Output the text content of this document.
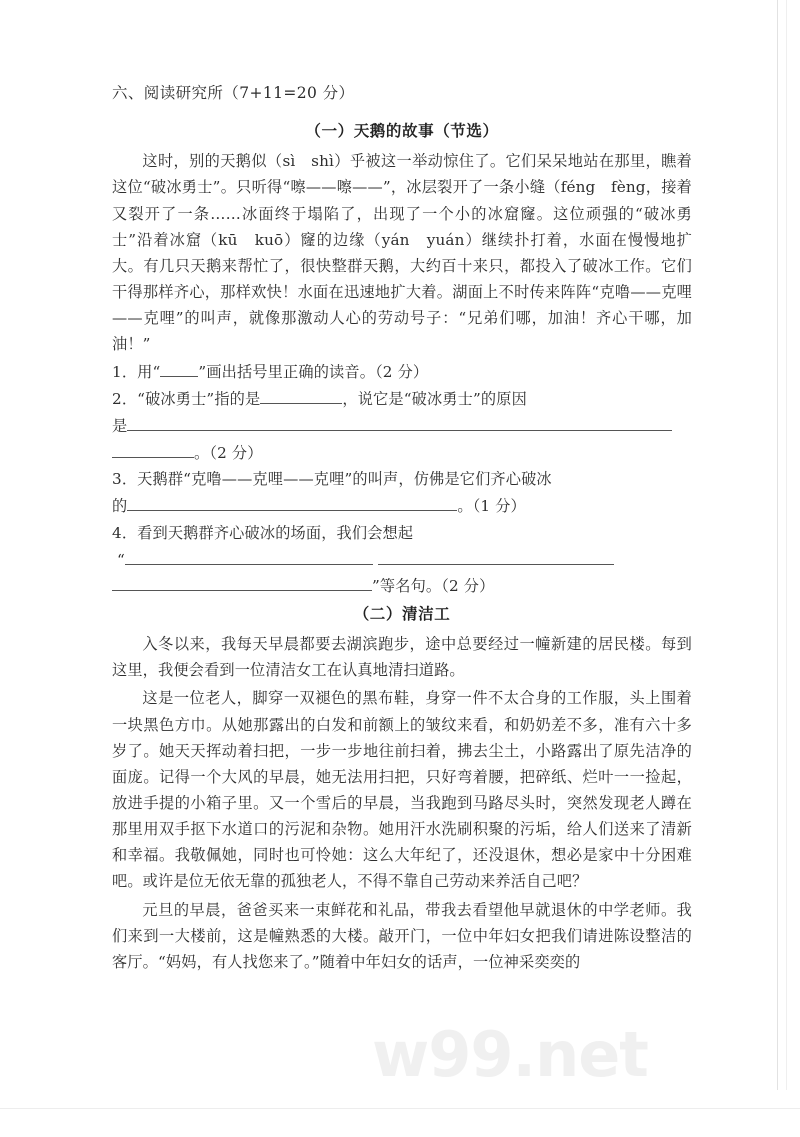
w99.net

六、阅读研究所（7+11=20 分）

（一）天鹅的故事（节选）

这时，别的天鹅似（sì　shì）乎被这一举动惊住了。它们呆呆地站在那里，瞧着这位“破冰勇士”。只听得“嚓——嚓——”，冰层裂开了一条小缝（féng　fèng，接着又裂开了一条……冰面终于塌陷了，出现了一个小的冰窟窿。这位顽强的“破冰勇士”沿着冰窟（kū　kuō）窿的边缘（yán　yuán）继续扑打着，水面在慢慢地扩大。有几只天鹅来帮忙了，很快整群天鹅，大约百十来只，都投入了破冰工作。它们干得那样齐心，那样欢快！水面在迅速地扩大着。湖面上不时传来阵阵“克噜——克哩——克哩”的叫声，就像那激动人心的劳动号子：“兄弟们哪，加油！齐心干哪，加油！”

1．用“	”画出括号里正确的读音。（2 分）

2．“破冰勇士”指的是	，说它是“破冰勇士”的原因

是

。（2 分）

3．天鹅群“克噜——克哩——克哩”的叫声，仿佛是它们齐心破冰

的	。（1 分）

4．看到天鹅群齐心破冰的场面，我们会想起

“

”等名句。（2 分）

（二）清洁工

入冬以来，我每天早晨都要去湖滨跑步，途中总要经过一幢新建的居民楼。每到这里，我便会看到一位清洁女工在认真地清扫道路。

这是一位老人，脚穿一双褪色的黑布鞋，身穿一件不太合身的工作服，头上围着一块黑色方巾。从她那露出的白发和前额上的皱纹来看，和奶奶差不多，准有六十多岁了。她天天挥动着扫把，一步一步地往前扫着，拂去尘土，小路露出了原先洁净的面庞。记得一个大风的早晨，她无法用扫把，只好弯着腰，把碎纸、烂叶一一捡起，放进手提的小箱子里。又一个雪后的早晨，当我跑到马路尽头时，突然发现老人蹲在那里用双手抠下水道口的污泥和杂物。她用汗水洗刷积聚的污垢，给人们送来了清新和幸福。我敬佩她，同时也可怜她：这么大年纪了，还没退休，想必是家中十分困难吧。或许是位无依无靠的孤独老人，不得不靠自己劳动来养活自己吧？

元旦的早晨，爸爸买来一束鲜花和礼品，带我去看望他早就退休的中学老师。我们来到一大楼前，这是幢熟悉的大楼。敲开门，一位中年妇女把我们请进陈设整洁的客厅。“妈妈，有人找您来了。”随着中年妇女的话声，一位神采奕奕的
